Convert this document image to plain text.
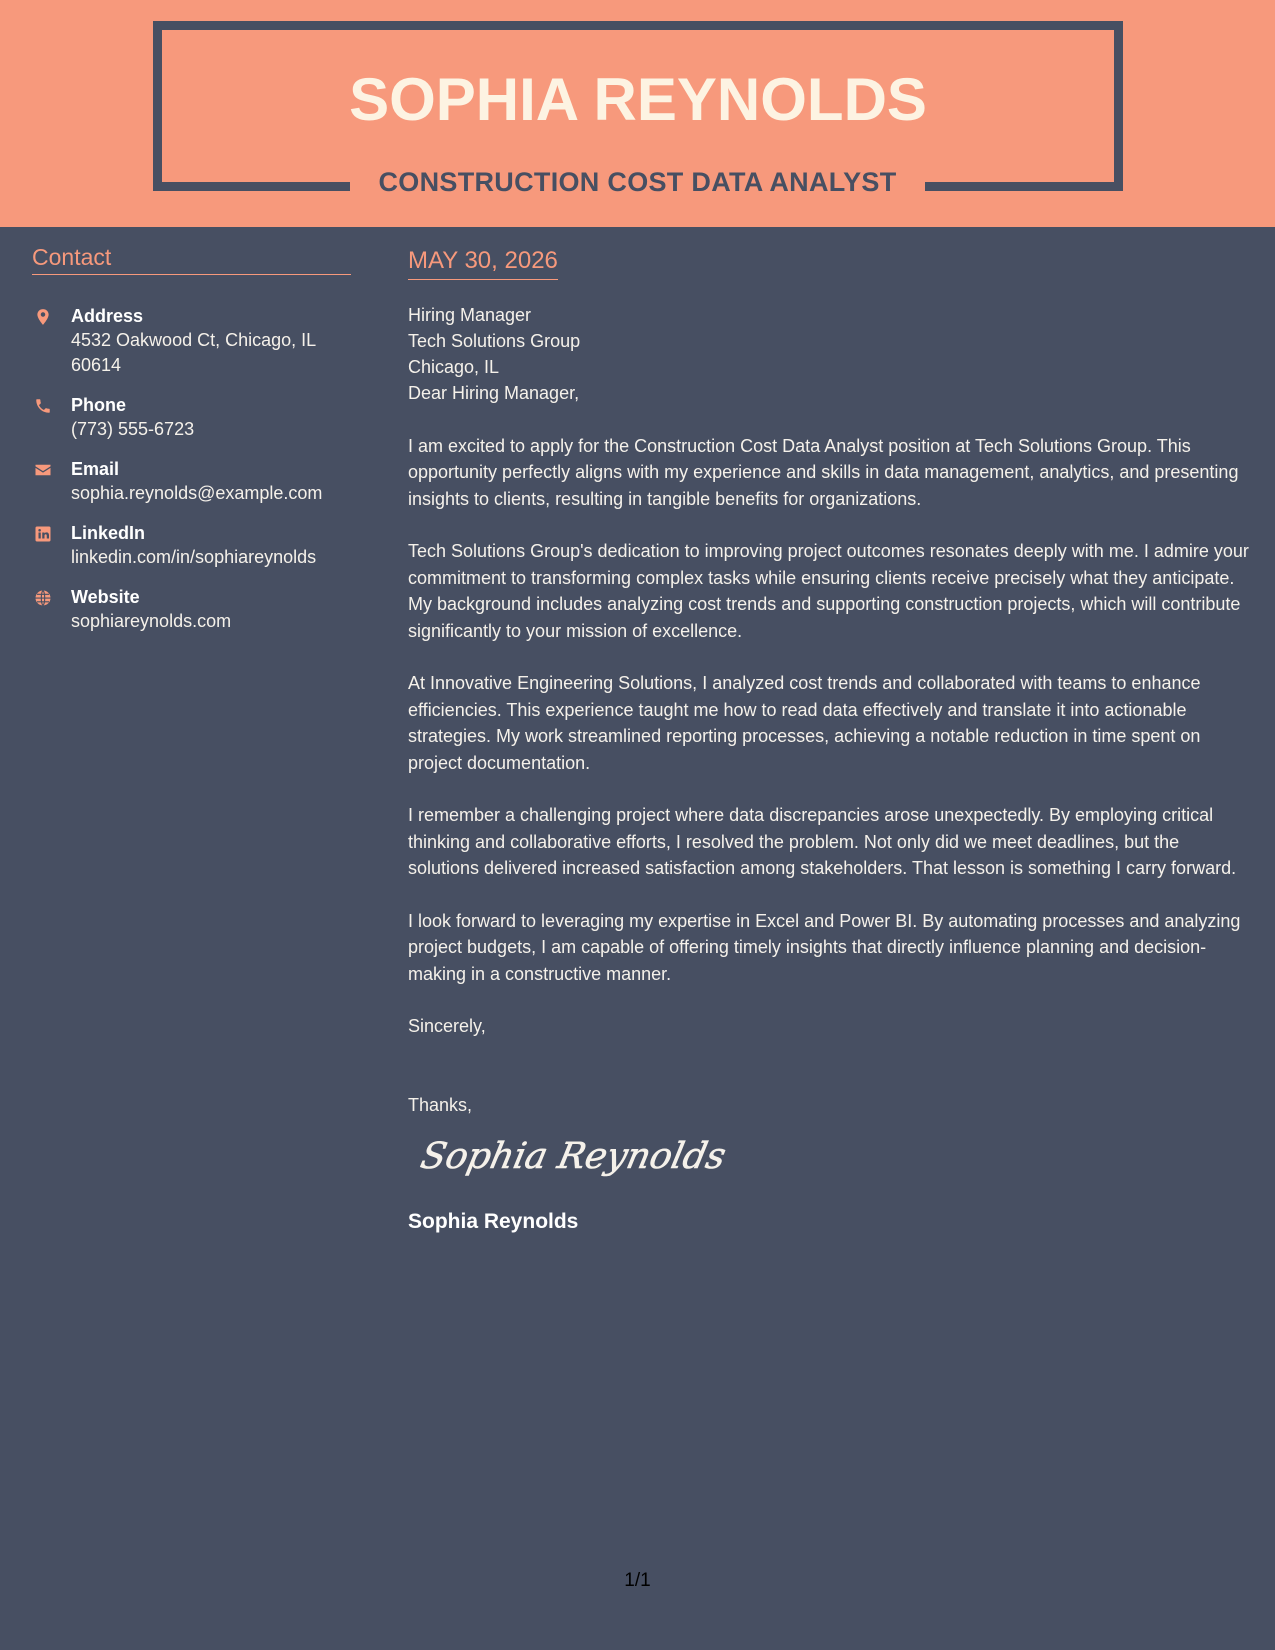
SOPHIA REYNOLDS
CONSTRUCTION COST DATA ANALYST
Contact
Address
4532 Oakwood Ct, Chicago, IL 60614
Phone
(773) 555-6723
Email
sophia.reynolds@example.com
LinkedIn
linkedin.com/in/sophiareynolds
Website
sophiareynolds.com
MAY 30, 2026
Hiring Manager
Tech Solutions Group
Chicago, IL

Dear Hiring Manager,

I am excited to apply for the Construction Cost Data Analyst position at Tech Solutions Group. This opportunity perfectly aligns with my experience and skills in data management, analytics, and presenting insights to clients, resulting in tangible benefits for organizations.

Tech Solutions Group's dedication to improving project outcomes resonates deeply with me. I admire your commitment to transforming complex tasks while ensuring clients receive precisely what they anticipate. My background includes analyzing cost trends and supporting construction projects, which will contribute significantly to your mission of excellence.

At Innovative Engineering Solutions, I analyzed cost trends and collaborated with teams to enhance efficiencies. This experience taught me how to read data effectively and translate it into actionable strategies. My work streamlined reporting processes, achieving a notable reduction in time spent on project documentation.

I remember a challenging project where data discrepancies arose unexpectedly. By employing critical thinking and collaborative efforts, I resolved the problem. Not only did we meet deadlines, but the solutions delivered increased satisfaction among stakeholders. That lesson is something I carry forward.

I look forward to leveraging my expertise in Excel and Power BI. By automating processes and analyzing project budgets, I am capable of offering timely insights that directly influence planning and decision-making in a constructive manner.

Sincerely,

Thanks,

Sophia Reynolds
Sophia Reynolds
1/1
